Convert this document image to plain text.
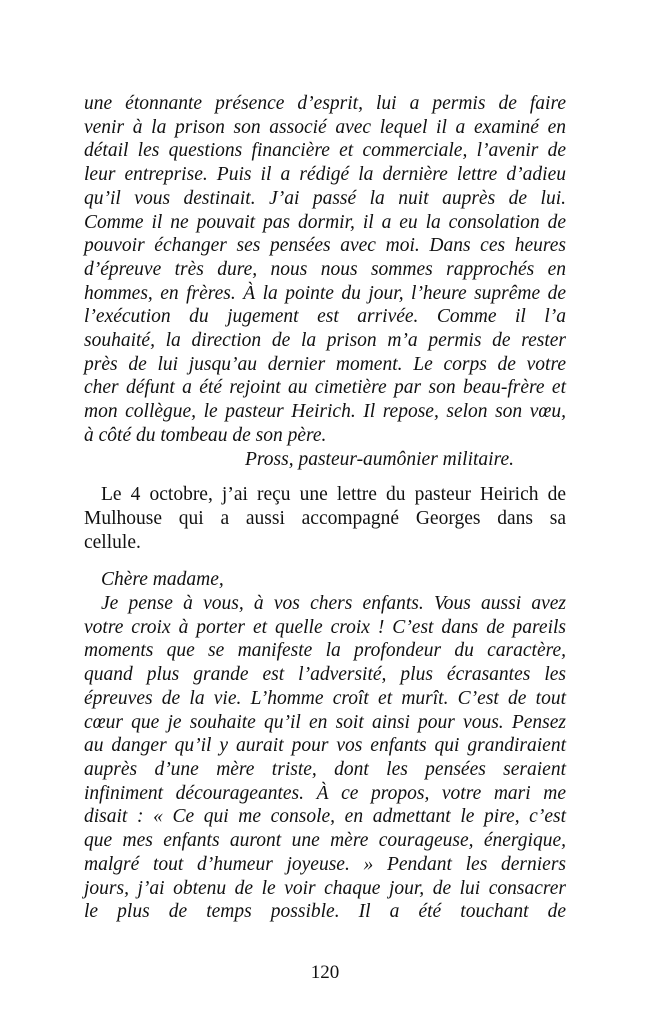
une étonnante présence d’esprit, lui a permis de faire
venir à la prison son associé avec lequel il a examiné en
détail les questions financière et commerciale, l’avenir de
leur entreprise. Puis il a rédigé la dernière lettre d’adieu
qu’il vous destinait. J’ai passé la nuit auprès de lui.
Comme il ne pouvait pas dormir, il a eu la consolation de
pouvoir échanger ses pensées avec moi. Dans ces heures
d’épreuve très dure, nous nous sommes rapprochés en
hommes, en frères. À la pointe du jour, l’heure suprême de
l’exécution du jugement est arrivée. Comme il l’a
souhaité, la direction de la prison m’a permis de rester
près de lui jusqu’au dernier moment. Le corps de votre
cher défunt a été rejoint au cimetière par son beau-frère et
mon collègue, le pasteur Heirich. Il repose, selon son vœu,
à côté du tombeau de son père.
Pross, pasteur-aumônier militaire.
Le 4 octobre, j’ai reçu une lettre du pasteur Heirich de
Mulhouse qui a aussi accompagné Georges dans sa
cellule.
Chère madame,
Je pense à vous, à vos chers enfants. Vous aussi avez
votre croix à porter et quelle croix ! C’est dans de pareils
moments que se manifeste la profondeur du caractère,
quand plus grande est l’adversité, plus écrasantes les
épreuves de la vie. L’homme croît et murît. C’est de tout
cœur que je souhaite qu’il en soit ainsi pour vous. Pensez
au danger qu’il y aurait pour vos enfants qui grandiraient
auprès d’une mère triste, dont les pensées seraient
infiniment décourageantes. À ce propos, votre mari me
disait : « Ce qui me console, en admettant le pire, c’est
que mes enfants auront une mère courageuse, énergique,
malgré tout d’humeur joyeuse. » Pendant les derniers
jours, j’ai obtenu de le voir chaque jour, de lui consacrer
le plus de temps possible. Il a été touchant de
120
